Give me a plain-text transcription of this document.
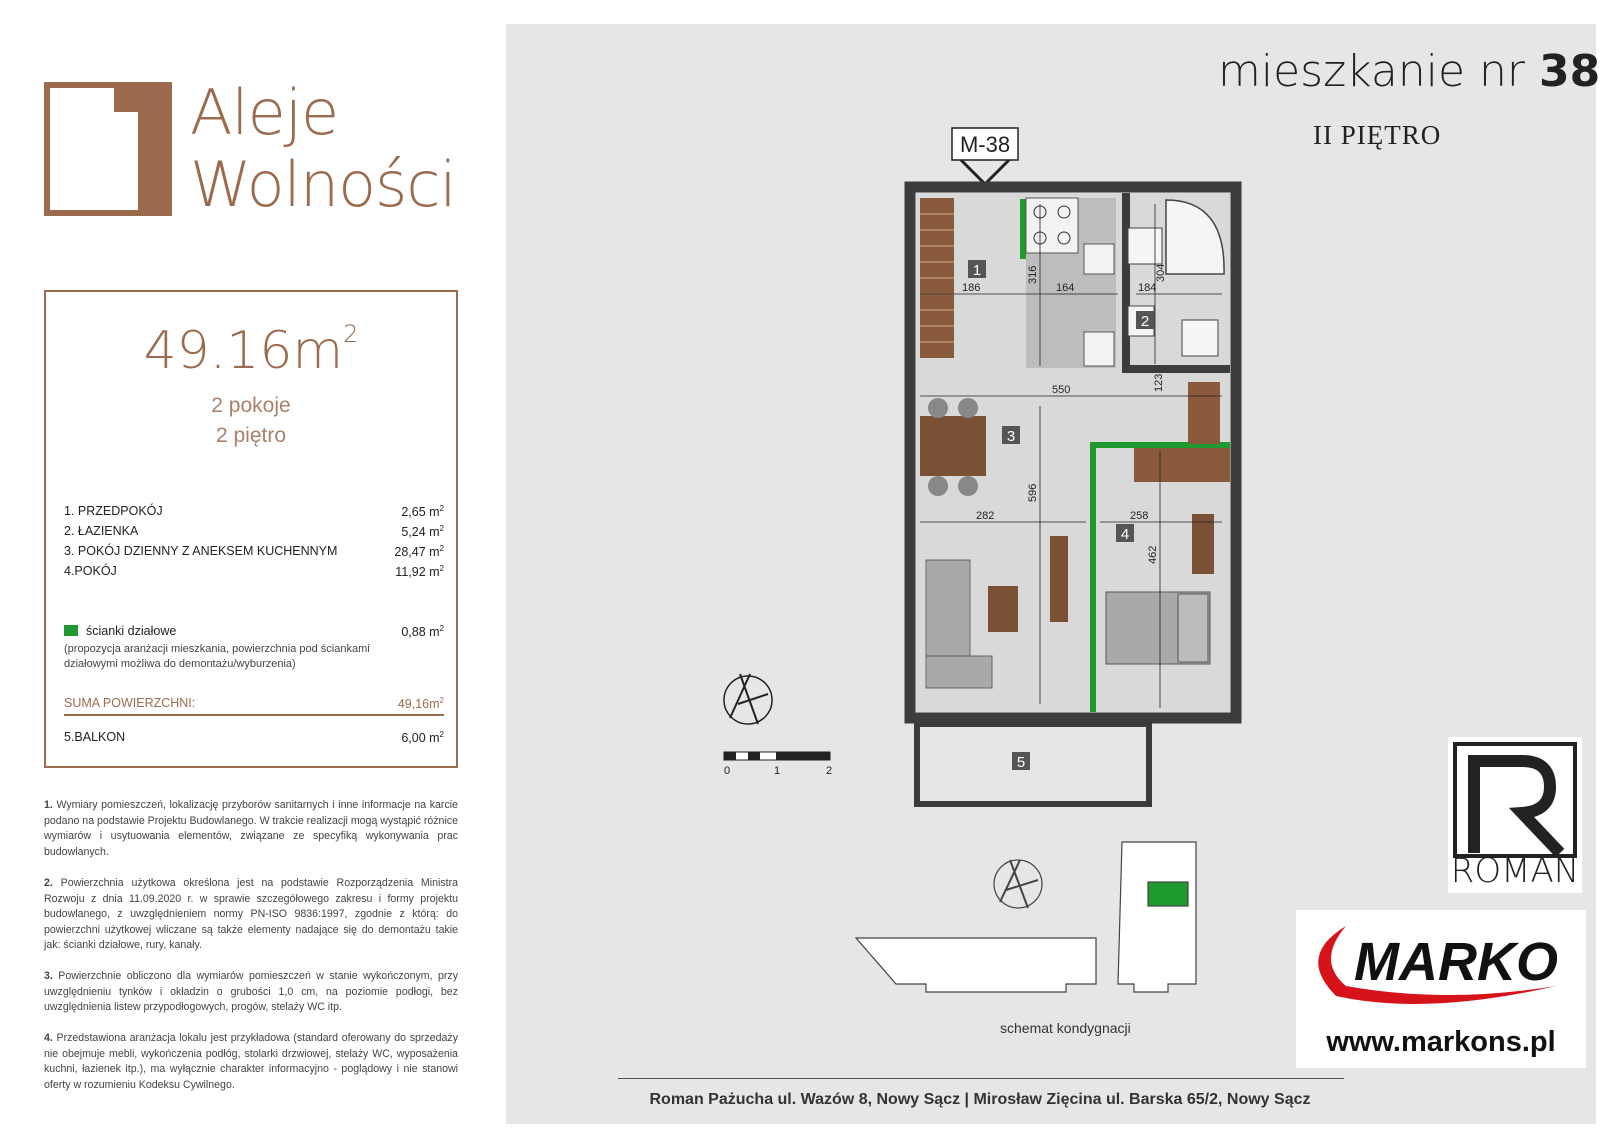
Aleje
Wolności
$49.16m^2$
2 pokoje
2 piętro
1. PRZEDPOKÓJ	2,65 $m^2$
2. ŁAZIENKA	5,24 $m^2$
3. POKÓJ DZIENNY Z ANEKSEM KUCHENNYM	28,47 $m^2$
4.POKÓJ	11,92 $m^2$
ścianki działowe	0,88 $m^2$
(propozycja aranżacji mieszkania, powierzchnia pod ściankami działowymi możliwa do demontażu/wyburzenia)
SUMA POWIERZCHNI:	$49,16m^2$
5.BALKON	6,00 $m^2$
1. Wymiary pomieszczeń, lokalizację przyborów sanitarnych i inne informacje na karcie podano na podstawie Projektu Budowlanego. W trakcie realizacji mogą wystąpić różnice wymiarów i usytuowania elementów, związane ze specyfiką wykonywania prac budowlanych.
2. Powierzchnia użytkowa określona jest na podstawie Rozporządzenia Ministra Rozwoju z dnia 11.09.2020 r. w sprawie szczegółowego zakresu i formy projektu budowlanego, z uwzględnieniem normy PN-ISO 9836:1997, zgodnie z którą: do powierzchni użytkowej wliczane są także elementy nadające się do demontażu takie jak: ścianki działowe, rury, kanały.
3. Powierzchnie obliczono dla wymiarów pomieszczeń w stanie wykończonym, przy uwzględnieniu tynków i okładzin o grubości 1,0 cm, na poziomie podłogi, bez uwzględnienia listew przypodłogowych, progów, stelaży WC itp.
4. Przedstawiona aranżacja lokalu jest przykładowa (standard oferowany do sprzedaży nie obejmuje mebli, wykończenia podłóg, stolarki drzwiowej, stelaży WC, wyposażenia kuchni, łazienek itp.), ma wyłącznie charakter informacyjno - poglądowy i nie stanowi oferty w rozumieniu Kodeksu Cywilnego.
mieszkanie nr 38
II PIĘTRO
M-38
186
316
164	184
304
123
550
596
282	258
462
1
2
3
4
5
0	1	2
schemat kondygnacji
ROMAN
MARKO
www.markons.pl
Roman Pażucha ul. Wazów 8, Nowy Sącz | Mirosław Zięcina ul. Barska 65/2, Nowy Sącz
